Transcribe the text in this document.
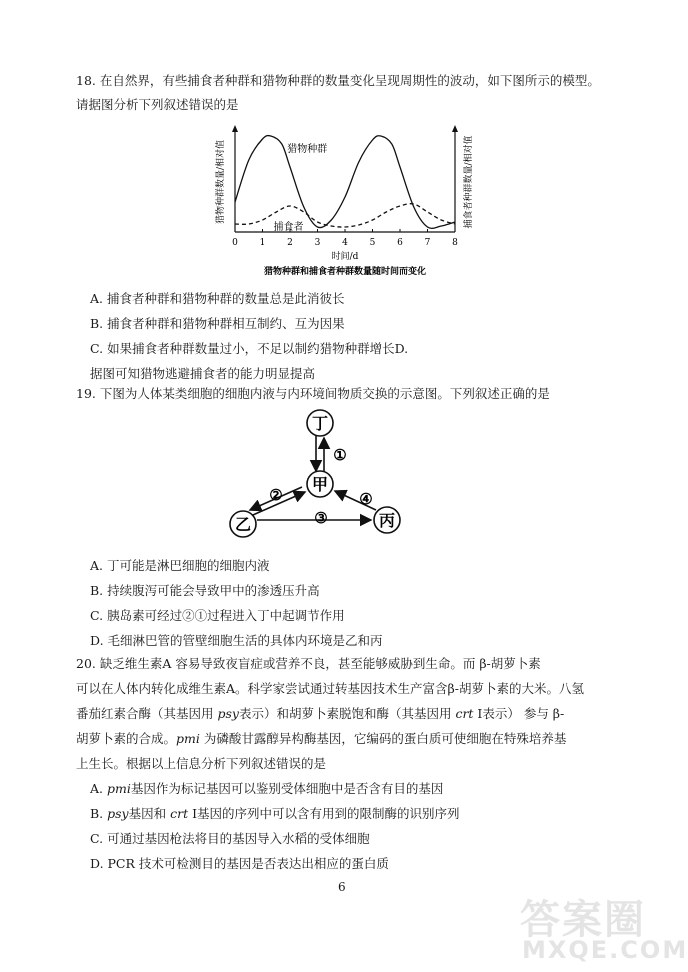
18. 在自然界，有些捕食者种群和猎物种群的数量变化呈现周期性的波动，如下图所示的模型。
请据图分析下列叙述错误的是
0 1 2 3 4 5 6 7 8
猎物种群
捕食者
猎物种群数量/相对值	捕食者种群数量/相对值
时间/d
猎物种群和捕食者种群数量随时间而变化
A. 捕食者种群和猎物种群的数量总是此消彼长
B. 捕食者种群和猎物种群相互制约、互为因果
C. 如果捕食者种群数量过小，不足以制约猎物种群增长D.
据图可知猎物逃避捕食者的能力明显提高
19. 下图为人体某类细胞的细胞内液与内环境间物质交换的示意图。下列叙述正确的是
丁
甲
乙	丙
①
②
③
④
A. 丁可能是淋巴细胞的细胞内液
B. 持续腹泻可能会导致甲中的渗透压升高
C. 胰岛素可经过②①过程进入丁中起调节作用
D. 毛细淋巴管的管壁细胞生活的具体内环境是乙和丙
20. 缺乏维生素A 容易导致夜盲症或营养不良，甚至能够威胁到生命。而 β-胡萝卜素
可以在人体内转化成维生素A。科学家尝试通过转基因技术生产富含β-胡萝卜素的大米。八氢
番茄红素合酶（其基因用 psy表示）和胡萝卜素脱饱和酶（其基因用 crt Ⅰ表示） 参与 β-
胡萝卜素的合成。pmi 为磷酸甘露醇异构酶基因，它编码的蛋白质可使细胞在特殊培养基
上生长。根据以上信息分析下列叙述错误的是
A. pmi基因作为标记基因可以鉴别受体细胞中是否含有目的基因
B. psy基因和 crt Ⅰ基因的序列中可以含有用到的限制酶的识别序列
C. 可通过基因枪法将目的基因导入水稻的受体细胞
D. PCR 技术可检测目的基因是否表达出相应的蛋白质
6
答案圈
MXQE.COM
